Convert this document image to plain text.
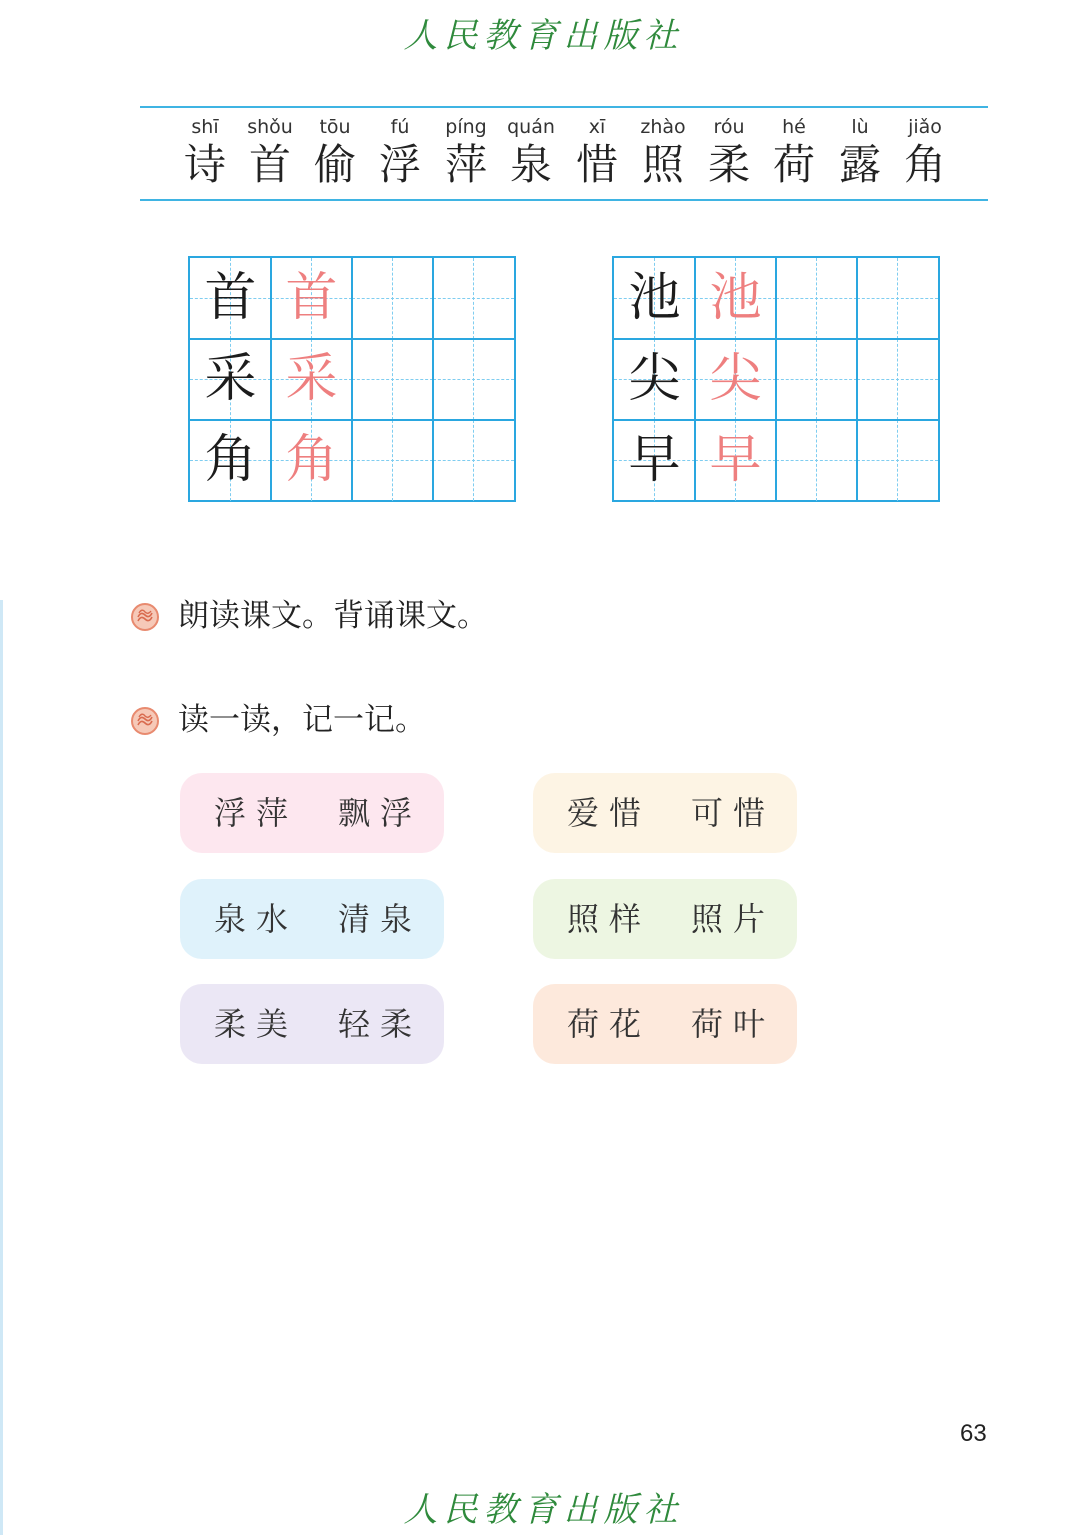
人民教育出版社
shī
诗
shǒu
首
tōu
偷
fú
浮
píng
萍
quán
泉
xī
惜
zhào
照
róu
柔
hé
荷
lù
露
jiǎo
角
首 首
采 采
角 角
池 池
尖 尖
早 早
朗读课文。背诵课文。
读一读，记一记。
浮萍 飘浮
泉水 清泉
柔美 轻柔
爱惜 可惜
照样 照片
荷花 荷叶
63
人民教育出版社
